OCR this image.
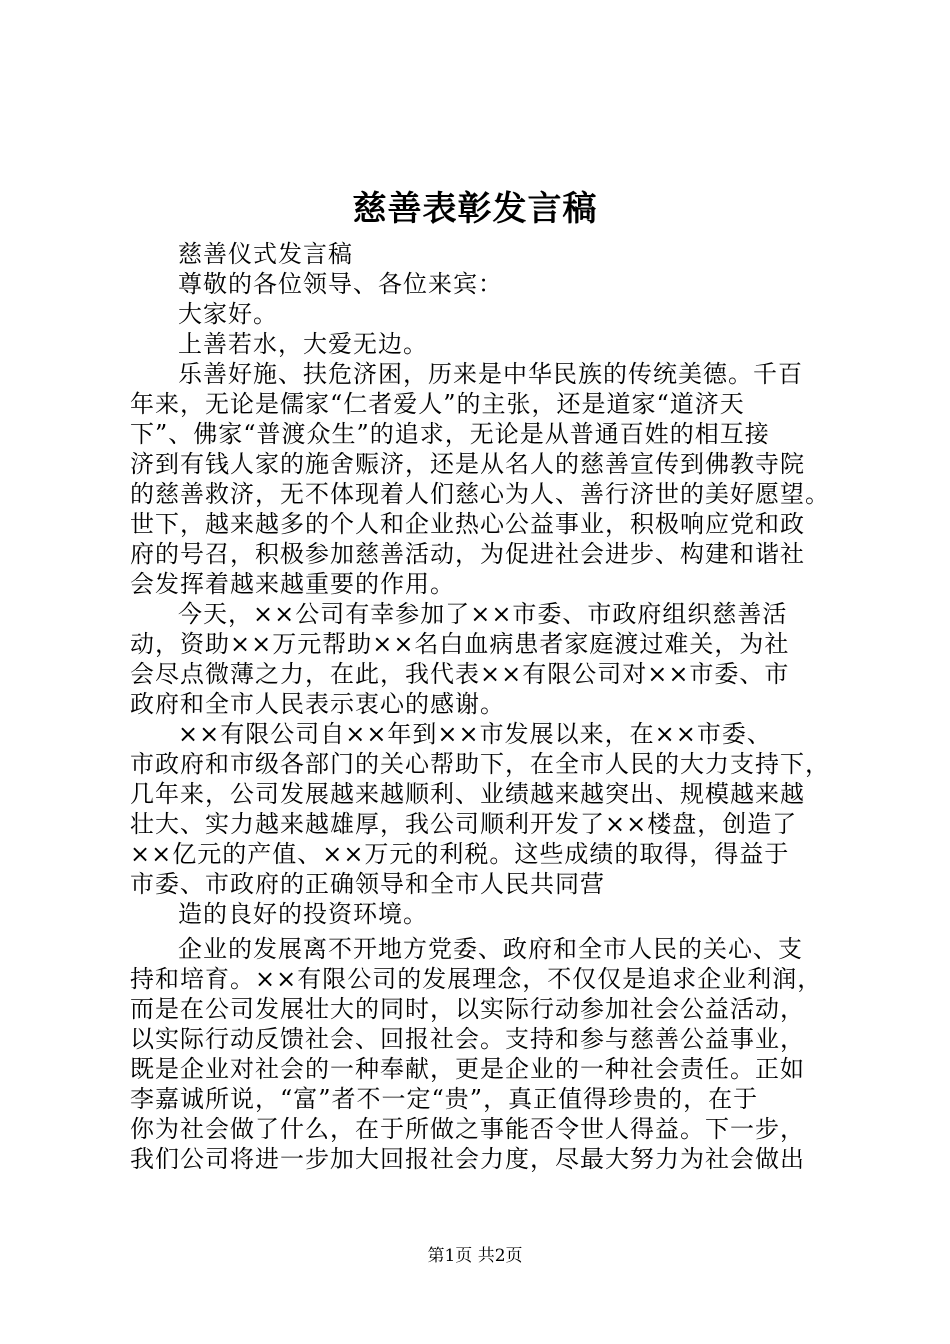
慈善表彰发言稿
慈善仪式发言稿
尊敬的各位领导、各位来宾：
大家好。
上善若水，大爱无边。
乐善好施、扶危济困，历来是中华民族的传统美德。千百
年来，无论是儒家“仁者爱人”的主张，还是道家“道济天
下”、佛家“普渡众生”的追求，无论是从普通百姓的相互接
济到有钱人家的施舍赈济，还是从名人的慈善宣传到佛教寺院
的慈善救济，无不体现着人们慈心为人、善行济世的美好愿望。
世下，越来越多的个人和企业热心公益事业，积极响应党和政
府的号召，积极参加慈善活动，为促进社会进步、构建和谐社
会发挥着越来越重要的作用。
今天，××公司有幸参加了××市委、市政府组织慈善活
动，资助××万元帮助××名白血病患者家庭渡过难关，为社
会尽点微薄之力，在此，我代表××有限公司对××市委、市
政府和全市人民表示衷心的感谢。
××有限公司自××年到××市发展以来，在××市委、
市政府和市级各部门的关心帮助下，在全市人民的大力支持下，
几年来，公司发展越来越顺利、业绩越来越突出、规模越来越
壮大、实力越来越雄厚，我公司顺利开发了××楼盘，创造了
××亿元的产值、××万元的利税。这些成绩的取得，得益于
市委、市政府的正确领导和全市人民共同营
造的良好的投资环境。
企业的发展离不开地方党委、政府和全市人民的关心、支
持和培育。××有限公司的发展理念，不仅仅是追求企业利润，
而是在公司发展壮大的同时，以实际行动参加社会公益活动，
以实际行动反馈社会、回报社会。支持和参与慈善公益事业，
既是企业对社会的一种奉献，更是企业的一种社会责任。正如
李嘉诚所说，“富”者不一定“贵”，真正值得珍贵的，在于
你为社会做了什么，在于所做之事能否令世人得益。下一步，
我们公司将进一步加大回报社会力度，尽最大努力为社会做出
第1页 共2页
